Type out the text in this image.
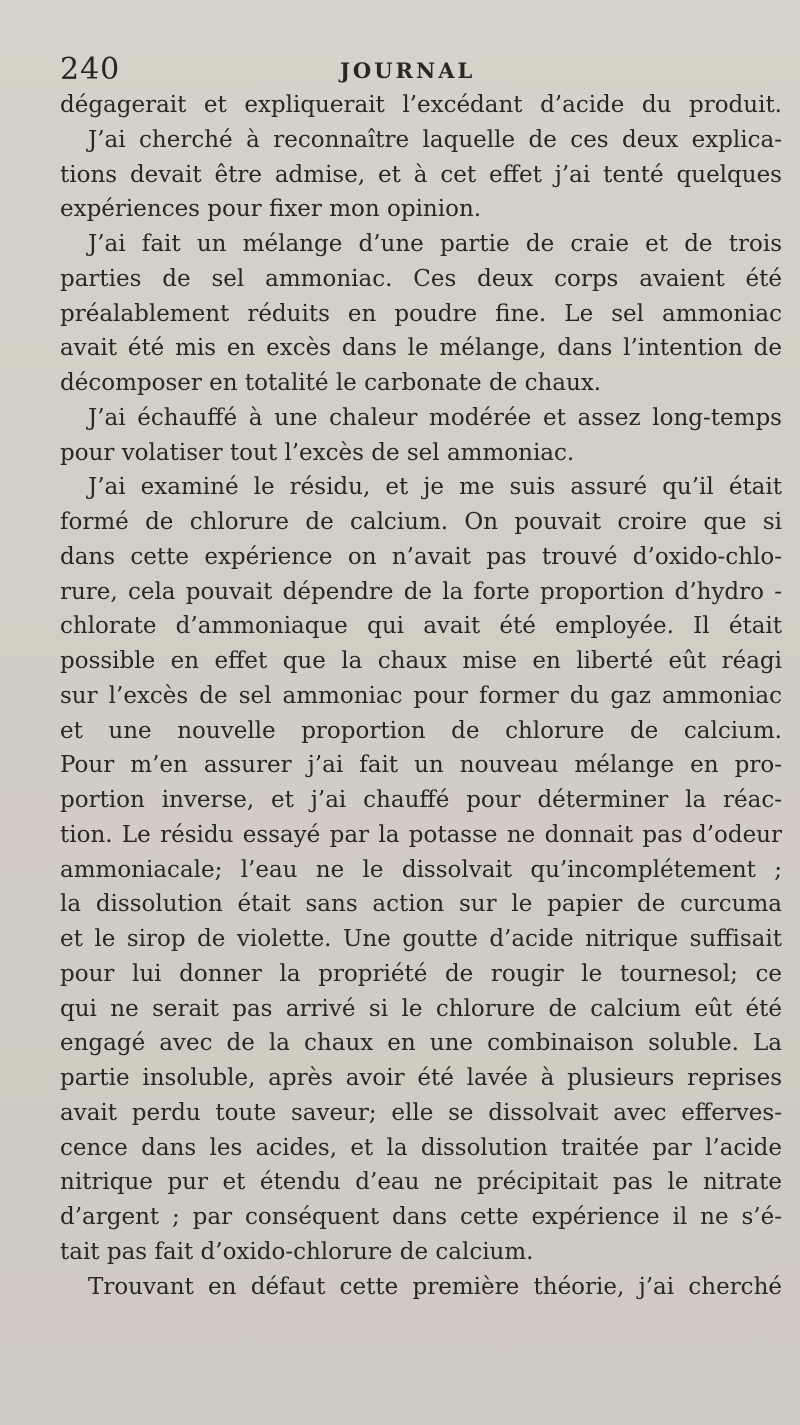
240	JOURNAL
dégagerait et expliquerait l’excédant d’acide du produit.
J’ai cherché à reconnaître laquelle de ces deux explica-
tions devait être admise, et à cet effet j’ai tenté quelques
expériences pour fixer mon opinion.
J’ai fait un mélange d’une partie de craie et de trois
parties de sel ammoniac. Ces deux corps avaient été
préalablement réduits en poudre fine. Le sel ammoniac
avait été mis en excès dans le mélange, dans l’intention de
décomposer en totalité le carbonate de chaux.
J’ai échauffé à une chaleur modérée et assez long-temps
pour volatiser tout l’excès de sel ammoniac.
J’ai examiné le résidu, et je me suis assuré qu’il était
formé de chlorure de calcium. On pouvait croire que si
dans cette expérience on n’avait pas trouvé d’oxido-chlo-
rure, cela pouvait dépendre de la forte proportion d’hydro -
chlorate d’ammoniaque qui avait été employée. Il était
possible en effet que la chaux mise en liberté eût réagi
sur l’excès de sel ammoniac pour former du gaz ammoniac
et une nouvelle proportion de chlorure de calcium.
Pour m’en assurer j’ai fait un nouveau mélange en pro-
portion inverse, et j’ai chauffé pour déterminer la réac-
tion. Le résidu essayé par la potasse ne donnait pas d’odeur
ammoniacale; l’eau ne le dissolvait qu’incomplétement ;
la dissolution était sans action sur le papier de curcuma
et le sirop de violette. Une goutte d’acide nitrique suffisait
pour lui donner la propriété de rougir le tournesol; ce
qui ne serait pas arrivé si le chlorure de calcium eût été
engagé avec de la chaux en une combinaison soluble. La
partie insoluble, après avoir été lavée à plusieurs reprises
avait perdu toute saveur; elle se dissolvait avec efferves-
cence dans les acides, et la dissolution traitée par l’acide
nitrique pur et étendu d’eau ne précipitait pas le nitrate
d’argent ; par conséquent dans cette expérience il ne s’é-
tait pas fait d’oxido-chlorure de calcium.
Trouvant en défaut cette première théorie, j’ai cherché
